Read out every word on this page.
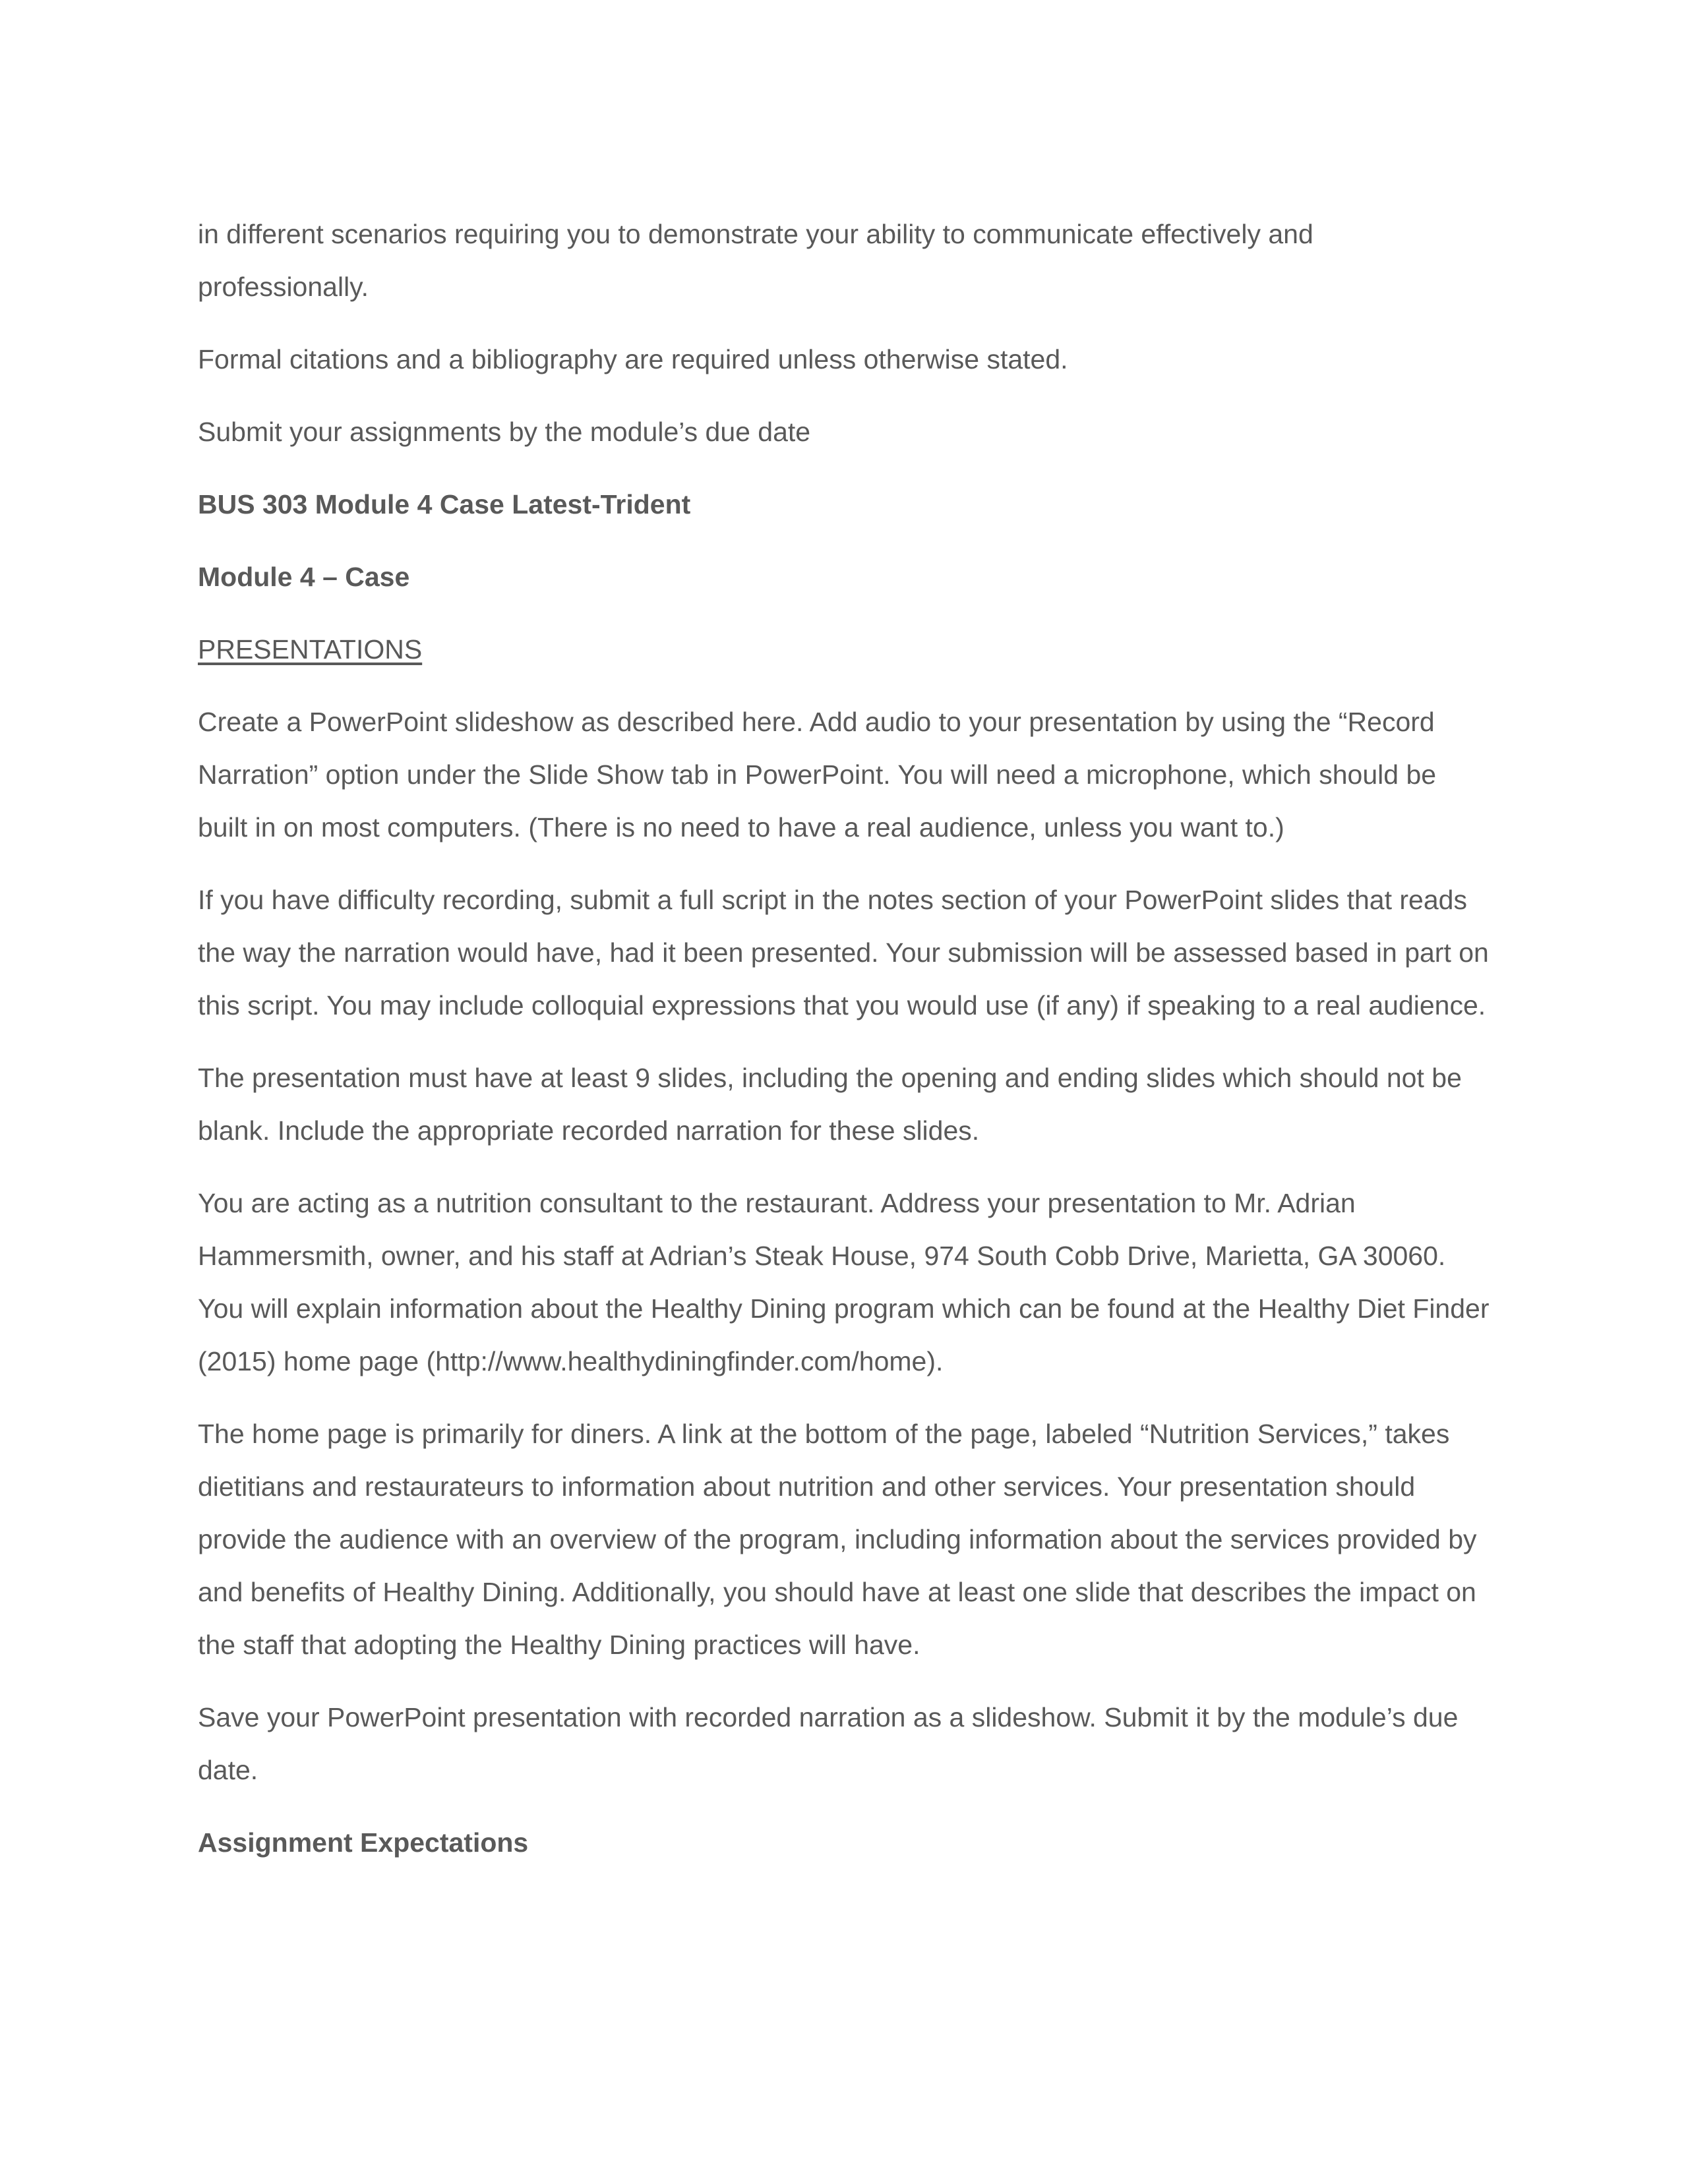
in different scenarios requiring you to demonstrate your ability to communicate effectively and professionally.

Formal citations and a bibliography are required unless otherwise stated.

Submit your assignments by the module’s due date

BUS 303 Module 4 Case Latest-Trident

Module 4 – Case

PRESENTATIONS

Create a PowerPoint slideshow as described here. Add audio to your presentation by using the “Record Narration” option under the Slide Show tab in PowerPoint. You will need a microphone, which should be built in on most computers. (There is no need to have a real audience, unless you want to.)

If you have difficulty recording, submit a full script in the notes section of your PowerPoint slides that reads the way the narration would have, had it been presented. Your submission will be assessed based in part on this script. You may include colloquial expressions that you would use (if any) if speaking to a real audience.

The presentation must have at least 9 slides, including the opening and ending slides which should not be blank. Include the appropriate recorded narration for these slides.

You are acting as a nutrition consultant to the restaurant. Address your presentation to Mr. Adrian Hammersmith, owner, and his staff at Adrian’s Steak House, 974 South Cobb Drive, Marietta, GA 30060. You will explain information about the Healthy Dining program which can be found at the Healthy Diet Finder (2015) home page (http://www.healthydiningfinder.com/home).

The home page is primarily for diners. A link at the bottom of the page, labeled “Nutrition Services,” takes dietitians and restaurateurs to information about nutrition and other services. Your presentation should provide the audience with an overview of the program, including information about the services provided by and benefits of Healthy Dining. Additionally, you should have at least one slide that describes the impact on the staff that adopting the Healthy Dining practices will have.

Save your PowerPoint presentation with recorded narration as a slideshow. Submit it by the module’s due date.

Assignment Expectations
